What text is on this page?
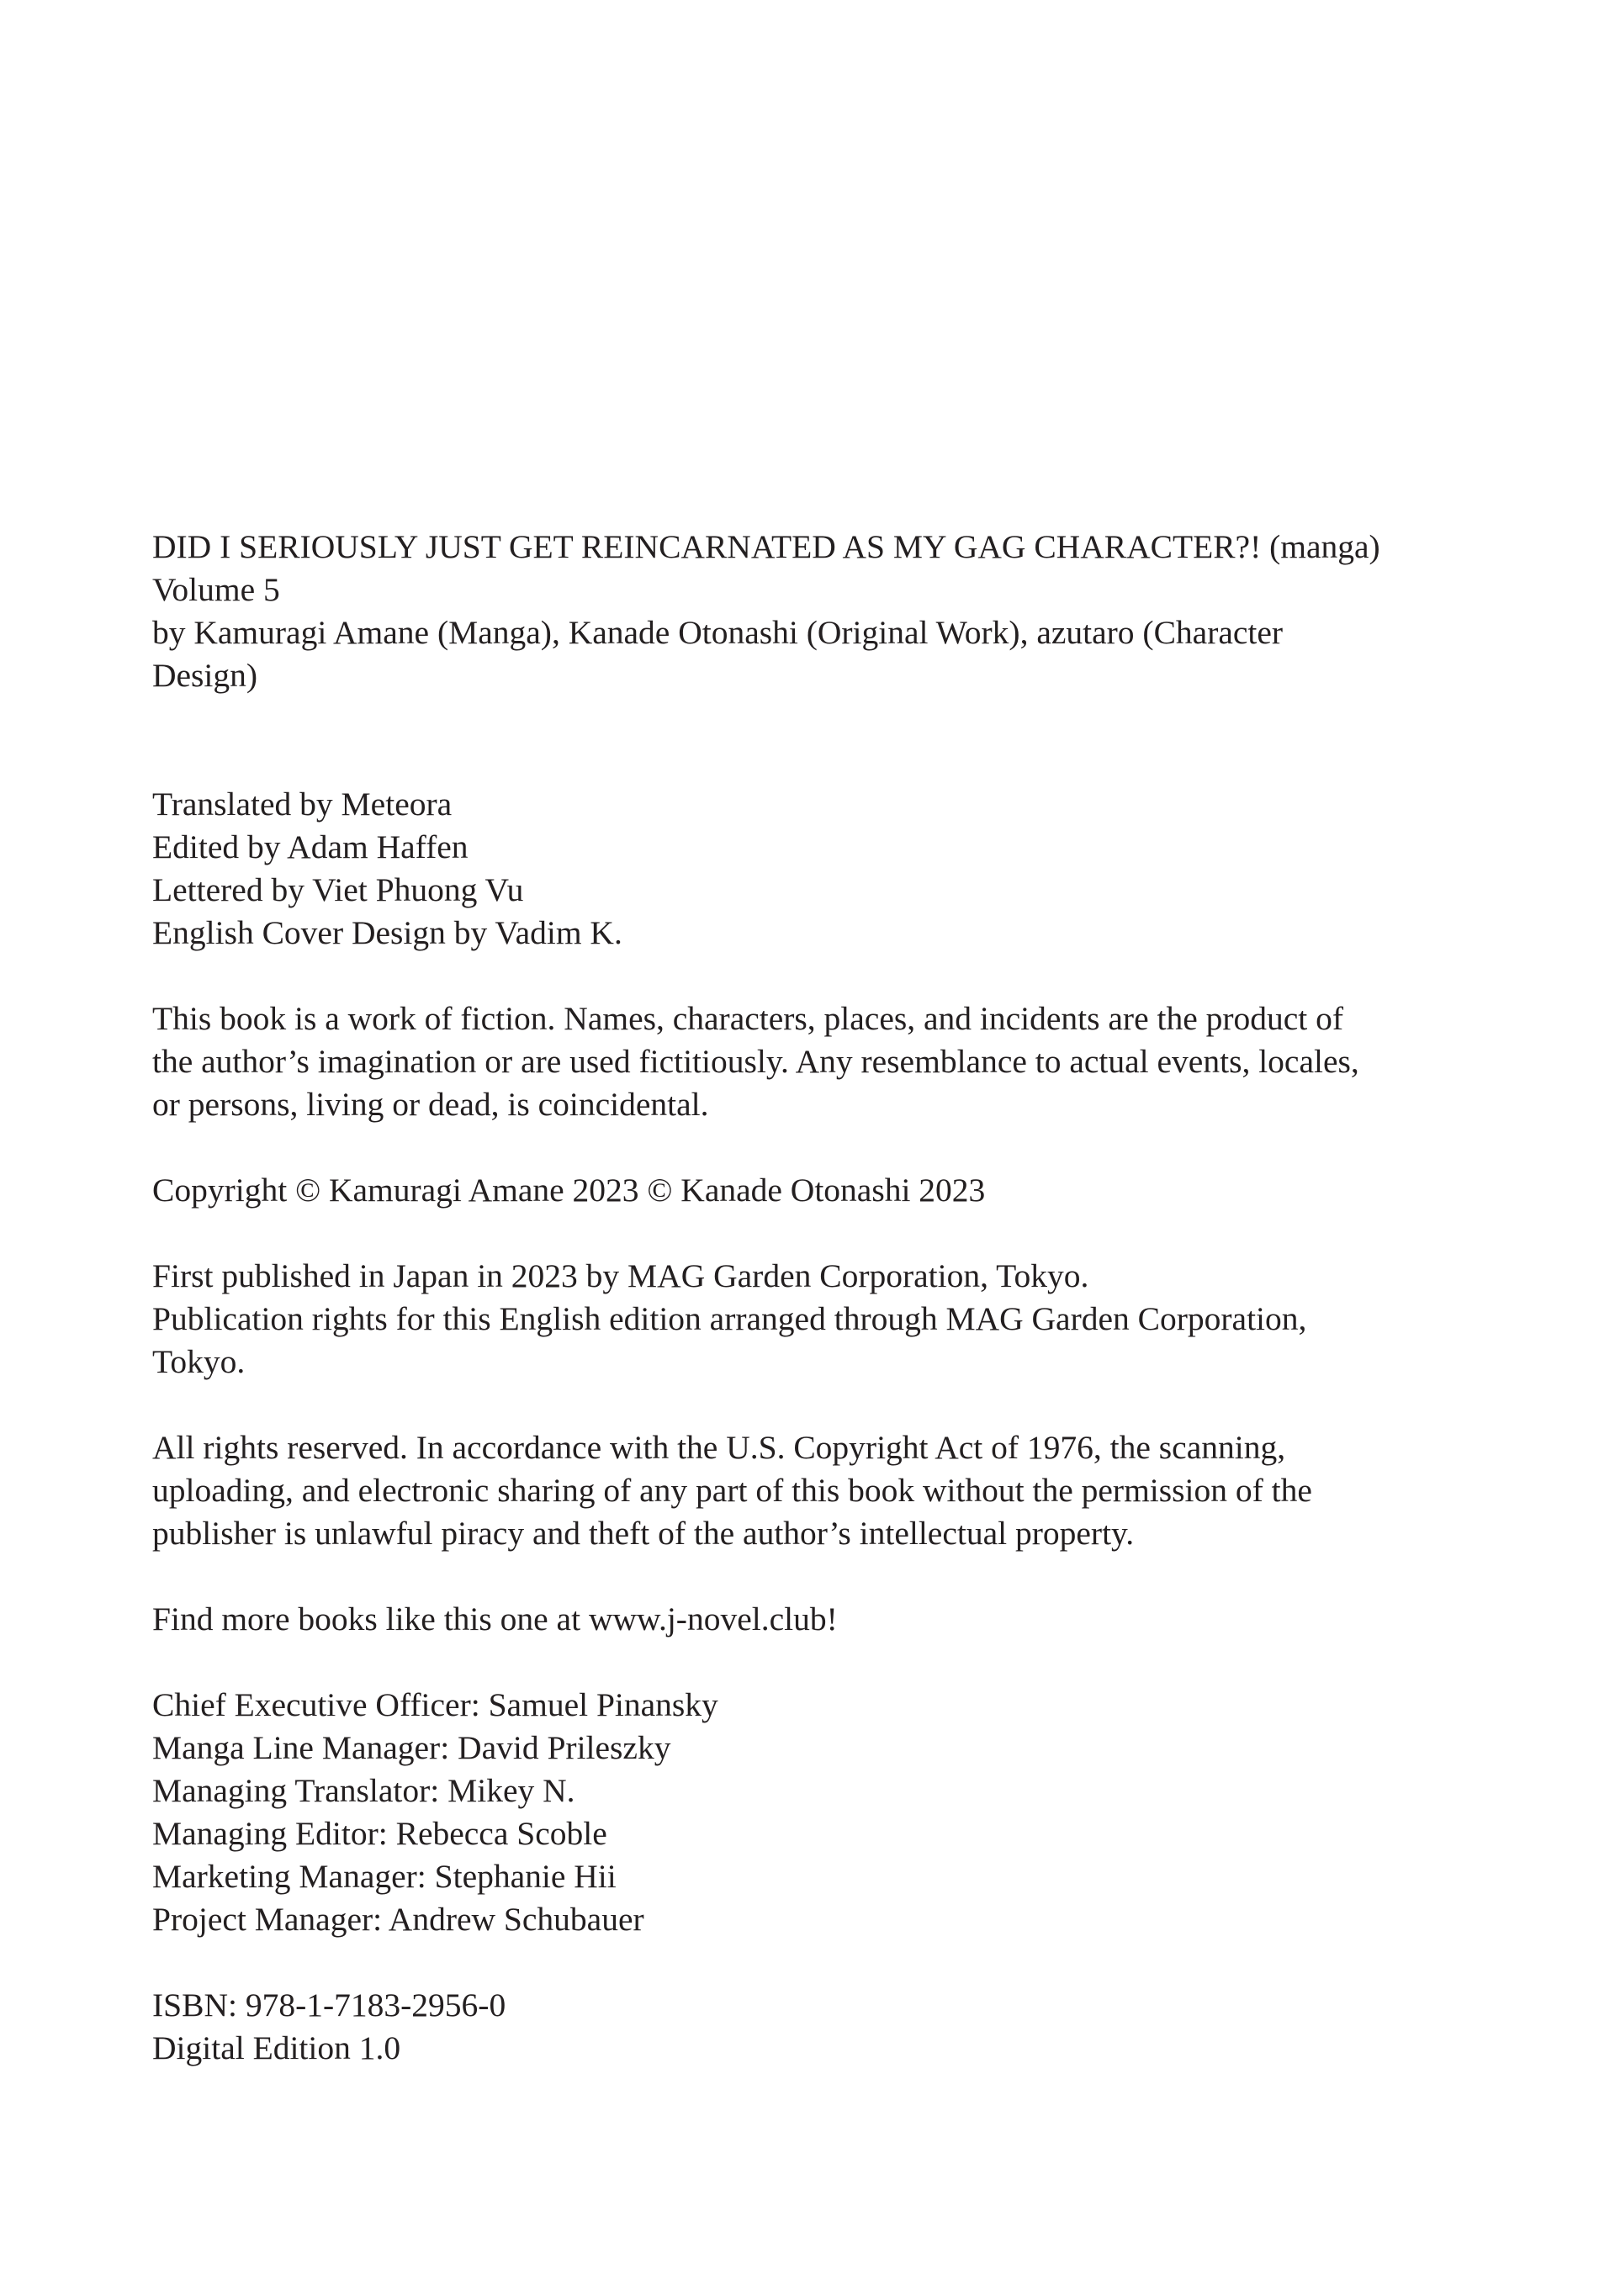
DID I SERIOUSLY JUST GET REINCARNATED AS MY GAG CHARACTER?! (manga)
Volume 5
by Kamuragi Amane (Manga), Kanade Otonashi (Original Work), azutaro (Character
Design)

Translated by Meteora
Edited by Adam Haffen
Lettered by Viet Phuong Vu
English Cover Design by Vadim K.

This book is a work of fiction. Names, characters, places, and incidents are the product of
the author’s imagination or are used fictitiously. Any resemblance to actual events, locales,
or persons, living or dead, is coincidental.

Copyright © Kamuragi Amane 2023 © Kanade Otonashi 2023

First published in Japan in 2023 by MAG Garden Corporation, Tokyo.
Publication rights for this English edition arranged through MAG Garden Corporation,
Tokyo.

All rights reserved. In accordance with the U.S. Copyright Act of 1976, the scanning,
uploading, and electronic sharing of any part of this book without the permission of the
publisher is unlawful piracy and theft of the author’s intellectual property.

Find more books like this one at www.j-novel.club!

Chief Executive Officer: Samuel Pinansky
Manga Line Manager: David Prileszky
Managing Translator: Mikey N.
Managing Editor: Rebecca Scoble
Marketing Manager: Stephanie Hii
Project Manager: Andrew Schubauer

ISBN: 978-1-7183-2956-0
Digital Edition 1.0
